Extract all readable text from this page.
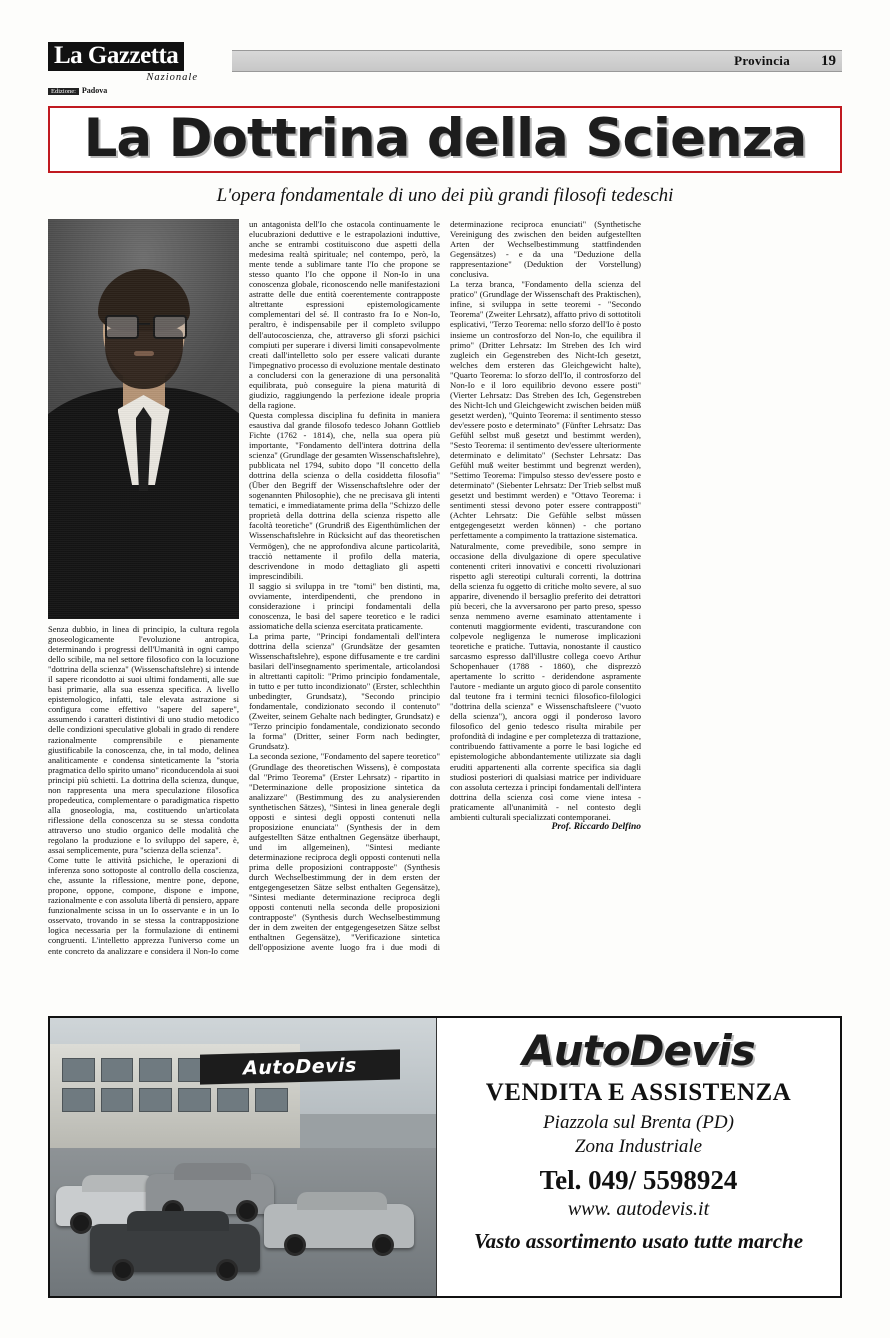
La Gazzetta
Nazionale
Edizione: Padova
Provincia 19
La Dottrina della Scienza
L'opera fondamentale di uno dei più grandi filosofi tedeschi

Senza dubbio, in linea di principio, la cultura regola gnoseologicamente l'evoluzione antropica, determinando i progressi dell'Umanità in ogni campo dello scibile, ma nel settore filosofico con la locuzione "dottrina della scienza" (Wissenschaftslehre) si intende il sapere ricondotto ai suoi ultimi fondamenti, alle sue basi primarie, alla sua essenza specifica. A livello epistemologico, infatti, tale elevata astrazione si configura come effettivo "sapere del sapere", assumendo i caratteri distintivi di uno studio metodico delle condizioni speculative globali in grado di rendere razionalmente comprensibile e pienamente giustificabile la conoscenza, che, in tal modo, delinea analiticamente e condensa sinteticamente la "storia pragmatica dello spirito umano" riconducendola ai suoi principi più schietti. La dottrina della scienza, dunque, non rappresenta una mera speculazione filosofica propedeutica, complementare o paradigmatica rispetto alla gnoseologia, ma, costituendo un'articolata riflessione della conoscenza su se stessa condotta attraverso uno studio organico delle modalità che regolano la produzione e lo sviluppo del sapere, è, assai semplicemente, pura "scienza della scienza".

Come tutte le attività psichiche, le operazioni di inferenza sono sottoposte al controllo della coscienza, che, assunte la riflessione, mentre pone, depone, propone, oppone, compone, dispone e impone, razionalmente e con assoluta libertà di pensiero, appare funzionalmente scissa in un Io osservante e in un Io osservato, trovando in se stessa la contrapposizione logica necessaria per la formulazione di entinemi congruenti. L'intelletto apprezza l'universo come un ente concreto da analizzare e considera il Non-Io come un antagonista dell'Io che ostacola continuamente le elucubrazioni deduttive e le estrapolazioni induttive, anche se entrambi costituiscono due aspetti della medesima realtà spirituale; nel contempo, però, la mente tende a sublimare tante l'Io che propone se stesso quanto l'Io che oppone il Non-Io in una conoscenza globale, riconoscendo nelle manifestazioni astratte delle due entità coerentemente contrapposte altrettante espressioni epistemologicamente complementari del sé. Il contrasto fra Io e Non-Io, peraltro, è indispensabile per il completo sviluppo dell'autocoscienza, che, attraverso gli sforzi psichici compiuti per superare i diversi limiti consapevolmente creati dall'intelletto solo per essere valicati durante l'impegnativo processo di evoluzione mentale destinato a concludersi con la generazione di una personalità equilibrata, può conseguire la piena maturità di giudizio, raggiungendo la perfezione ideale propria della ragione.

Questa complessa disciplina fu definita in maniera esaustiva dal grande filosofo tedesco Johann Gottlieb Fichte (1762 - 1814), che, nella sua opera più importante, "Fondamento dell'intera dottrina della scienza" (Grundlage der gesamten Wissenschaftslehre), pubblicata nel 1794, subito dopo "Il concetto della dottrina della scienza o della cosiddetta filosofia" (Über den Begriff der Wissenschaftslehre oder der sogenannten Philosophie), che ne precisava gli intenti tematici, e immediatamente prima della "Schizzo delle proprietà della dottrina della scienza rispetto alle facoltà teoretiche" (Grundriß des Eigenthümlichen der Wissenschaftslehre in Rücksicht auf das theoretischen Vermögen), che ne approfondiva alcune particolarità, tracciò nettamente il profilo della materia, descrivendone in modo dettagliato gli aspetti imprescindibili.

Il saggio si sviluppa in tre "tomi" ben distinti, ma, ovviamente, interdipendenti, che prendono in considerazione i principi fondamentali della conoscenza, le basi del sapere teoretico e le radici assiomatiche della scienza esercitata praticamente.

La prima parte, "Principi fondamentali dell'intera dottrina della scienza" (Grundsätze der gesamten Wissenschaftslehre), espone diffusamente e tre cardini basilari dell'insegnamento sperimentale, articolandosi in altrettanti capitoli: "Primo principio fondamentale, in tutto e per tutto incondizionato" (Erster, schlechthin unbedingter, Grundsatz), "Secondo principio fondamentale, condizionato secondo il contenuto" (Zweiter, seinem Gehalte nach bedingter, Grundsatz) e "Terzo principio fondamentale, condizionato secondo la forma" (Dritter, seiner Form nach bedingter, Grundsatz).

La seconda sezione, "Fondamento del sapere teoretico" (Grundlage des theoretischen Wissens), è compostata dal "Primo Teorema" (Erster Lehrsatz) - ripartito in "Determinazione delle proposizione sintetica da analizzare" (Bestimmung des zu analysierenden synthetischen Sätzes), "Sintesi in linea generale degli opposti e sintesi degli opposti contenuti nella proposizione enunciata" (Synthesis der in dem aufgestellten Sätze enthaltnen Gegensätze überhaupt, und im allgemeinen), "Sintesi mediante determinazione reciproca degli opposti contenuti nella prima delle proposizioni contrapposte" (Synthesis durch Wechselbestimmung der in dem ersten der entgegengesetzen Sätze selbst enthalten Gegensätze), "Sintesi mediante determinazione reciproca degli opposti contenuti nella seconda delle proposizioni contrapposte" (Synthesis durch Wechselbestimmung der in dem zweiten der entgegengesetzen Sätze selbst enthaltnen Gegensätze), "Verificazione sintetica dell'opposizione avente luogo fra i due modi di determinazione reciproca enunciati" (Synthetische Vereinigung des zwischen den beiden aufgestellten Arten der Wechselbestimmung stattfindenden Gegensätzes) - e da una "Deduzione della rappresentazione" (Deduktion der Vorstellung) conclusiva.

La terza branca, "Fondamento della scienza del pratico" (Grundlage der Wissenschaft des Praktischen), infine, si sviluppa in sette teoremi - "Secondo Teorema" (Zweiter Lehrsatz), affatto privo di sottotitoli esplicativi, "Terzo Teorema: nello sforzo dell'Io è posto insieme un controsforzo del Non-Io, che equilibra il primo" (Dritter Lehrsatz: Im Streben des Ich wird zugleich ein Gegenstreben des Nicht-Ich gesetzt, welches dem ersteren das Gleichgewicht halte), "Quarto Teorema: lo sforzo dell'Io, il controsforzo del Non-Io e il loro equilibrio devono essere posti" (Vierter Lehrsatz: Das Streben des Ich, Gegenstreben des Nicht-Ich und Gleichgewicht zwischen beiden müß gesetzt werden), "Quinto Teorema: il sentimento stesso dev'essere posto e determinato" (Fünfter Lehrsatz: Das Gefühl selbst muß gesetzt und bestimmt werden), "Sesto Teorema: il sentimento dev'essere ulteriormente determinato e delimitato" (Sechster Lehrsatz: Das Gefühl muß weiter bestimmt und begrenzt werden), "Settimo Teorema: l'impulso stesso dev'essere posto e determinato" (Siebenter Lehrsatz: Der Trieb selbst muß gesetzt und bestimmt werden) e "Ottavo Teorema: i sentimenti stessi devono poter essere contrapposti" (Achter Lehrsatz: Die Gefühle selbst müssen entgegengesetzt werden können) - che portano perfettamente a compimento la trattazione sistematica.

Naturalmente, come prevedibile, sono sempre in occasione della divulgazione di opere speculative contenenti criteri innovativi e concetti rivoluzionari rispetto agli stereotipi culturali correnti, la dottrina della scienza fu oggetto di critiche molto severe, al suo apparire, divenendo il bersaglio preferito dei detrattori più beceri, che la avversarono per parto preso, spesso senza nemmeno averne esaminato attentamente i contenuti maggiormente evidenti, trascurandone con colpevole negligenza le numerose implicazioni teoretiche e pratiche. Tuttavia, nonostante il caustico sarcasmo espresso dall'illustre collega coevo Arthur Schopenhauer (1788 - 1860), che disprezzò apertamente lo scritto - deridendone aspramente l'autore - mediante un arguto gioco di parole consentito dal teutone fra i termini tecnici filosofico-filologici "dottrina della scienza" e Wissenschaftsleere ("vuoto della scienza"), ancora oggi il ponderoso lavoro filosofico del genio tedesco risulta mirabile per profondità di indagine e per completezza di trattazione, contribuendo fattivamente a porre le basi logiche ed epistemologiche abbondantemente utilizzate sia dagli eruditi appartenenti alla corrente specifica sia dagli studiosi posteriori di qualsiasi matrice per individuare con assoluta certezza i principi fondamentali dell'intera dottrina della scienza così come viene intesa - praticamente all'unanimità - nel contesto degli ambienti culturali specializzati contemporanei.

Prof. Riccardo Delfino

AutoDevis	AutoDevis
VENDITA E ASSISTENZA
Piazzola sul Brenta (PD)
Zona Industriale
Tel. 049/ 5598924
www. autodevis.it
Vasto assortimento usato tutte marche
